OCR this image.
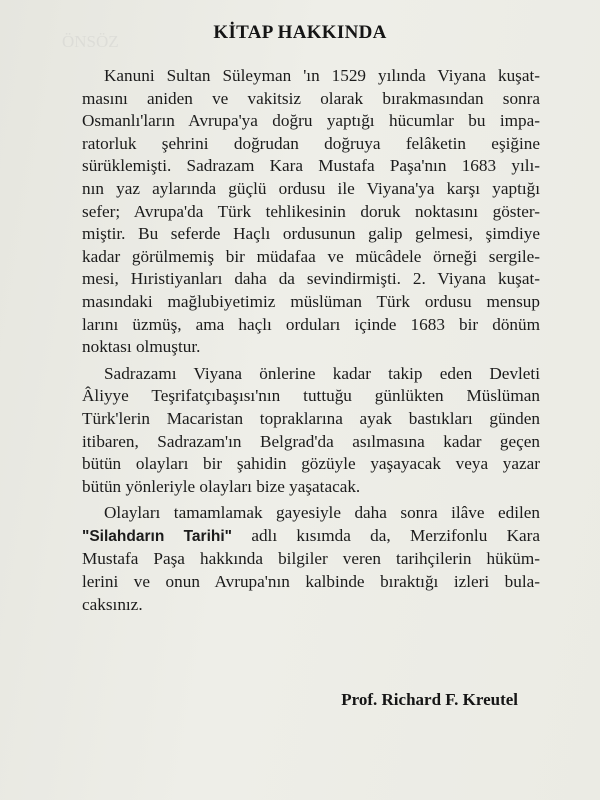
ÖNSÖZ	KİTAP HAKKINDA

Kanuni Sultan Süleyman 'ın 1529 yılında Viyana kuşat-
masını aniden ve vakitsiz olarak bırakmasından sonra
Osmanlı'ların Avrupa'ya doğru yaptığı hücumlar bu impa-
ratorluk şehrini doğrudan doğruya felâketin eşiğine
sürüklemişti. Sadrazam Kara Mustafa Paşa'nın 1683 yılı-
nın yaz aylarında güçlü ordusu ile Viyana'ya karşı yaptığı
sefer; Avrupa'da Türk tehlikesinin doruk noktasını göster-
miştir. Bu seferde Haçlı ordusunun galip gelmesi, şimdiye
kadar görülmemiş bir müdafaa ve mücâdele örneği sergile-
mesi, Hıristiyanları daha da sevindirmişti. 2. Viyana kuşat-
masındaki mağlubiyetimiz müslüman Türk ordusu mensup
larını üzmüş, ama haçlı orduları içinde 1683 bir dönüm
noktası olmuştur.

Sadrazamı Viyana önlerine kadar takip eden Devleti
Âliyye Teşrifatçıbaşısı'nın tuttuğu günlükten Müslüman
Türk'lerin Macaristan topraklarına ayak bastıkları günden
itibaren, Sadrazam'ın Belgrad'da asılmasına kadar geçen
bütün olayları bir şahidin gözüyle yaşayacak veya yazar
bütün yönleriyle olayları bize yaşatacak.

Olayları tamamlamak gayesiyle daha sonra ilâve edilen
"Silahdarın Tarihi" adlı kısımda da, Merzifonlu Kara
Mustafa Paşa hakkında bilgiler veren tarihçilerin hüküm-
lerini ve onun Avrupa'nın kalbinde bıraktığı izleri bula-
caksınız.

Prof. Richard F. Kreutel
